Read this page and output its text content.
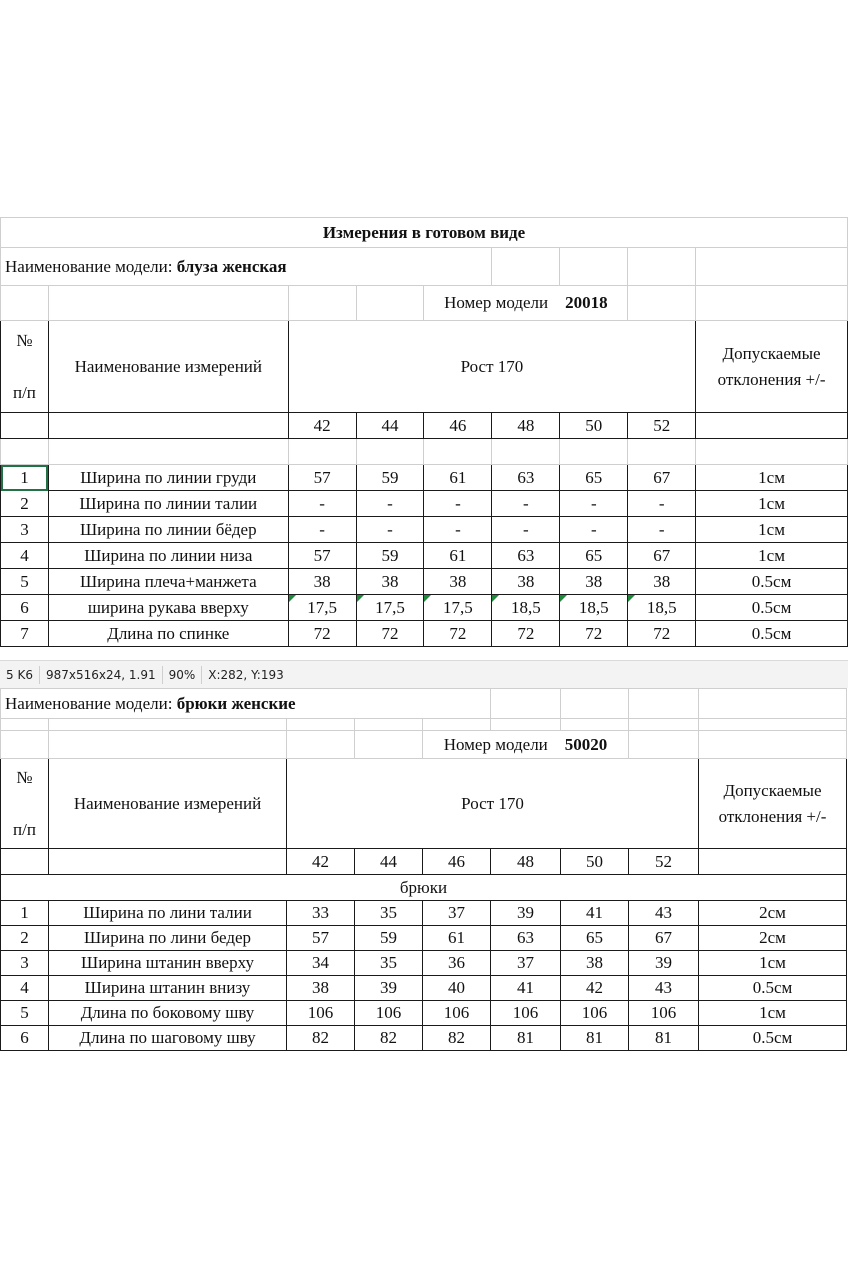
Измерения в готовом виде								
Наименование модели: блуза женская								
				Номер модели 20018				
№

п/п	Наименование измерений	Рост 170						Допускаемые
отклонения +/-
		42	44	46	48	50	52	

1	Ширина по линии груди	57	59	61	63	65	67	1см
2	Ширина по линии талии	-	-	-	-	-	-	1см
3	Ширина по линии бёдер	-	-	-	-	-	-	1см
4	Ширина по линии низа	57	59	61	63	65	67	1см
5	Ширина плеча+манжета	38	38	38	38	38	38	0.5см
6	ширина рукава вверху	17,5	17,5	17,5	18,5	18,5	18,5	0.5см
7	Длина по спинке	72	72	72	72	72	72	0.5см
5 K6	987x516x24, 1.91	90%	X:282, Y:193
Наименование модели: брюки женские								

				Номер модели 50020				
№

п/п	Наименование измерений	Рост 170						Допускаемые
отклонения +/-
		42	44	46	48	50	52	
брюки								
1	Ширина по лини талии	33	35	37	39	41	43	2см
2	Ширина по лини бедер	57	59	61	63	65	67	2см
3	Ширина штанин вверху	34	35	36	37	38	39	1см
4	Ширина штанин внизу	38	39	40	41	42	43	0.5см
5	Длина по боковому шву	106	106	106	106	106	106	1см
6	Длина по шаговому шву	82	82	82	81	81	81	0.5см
